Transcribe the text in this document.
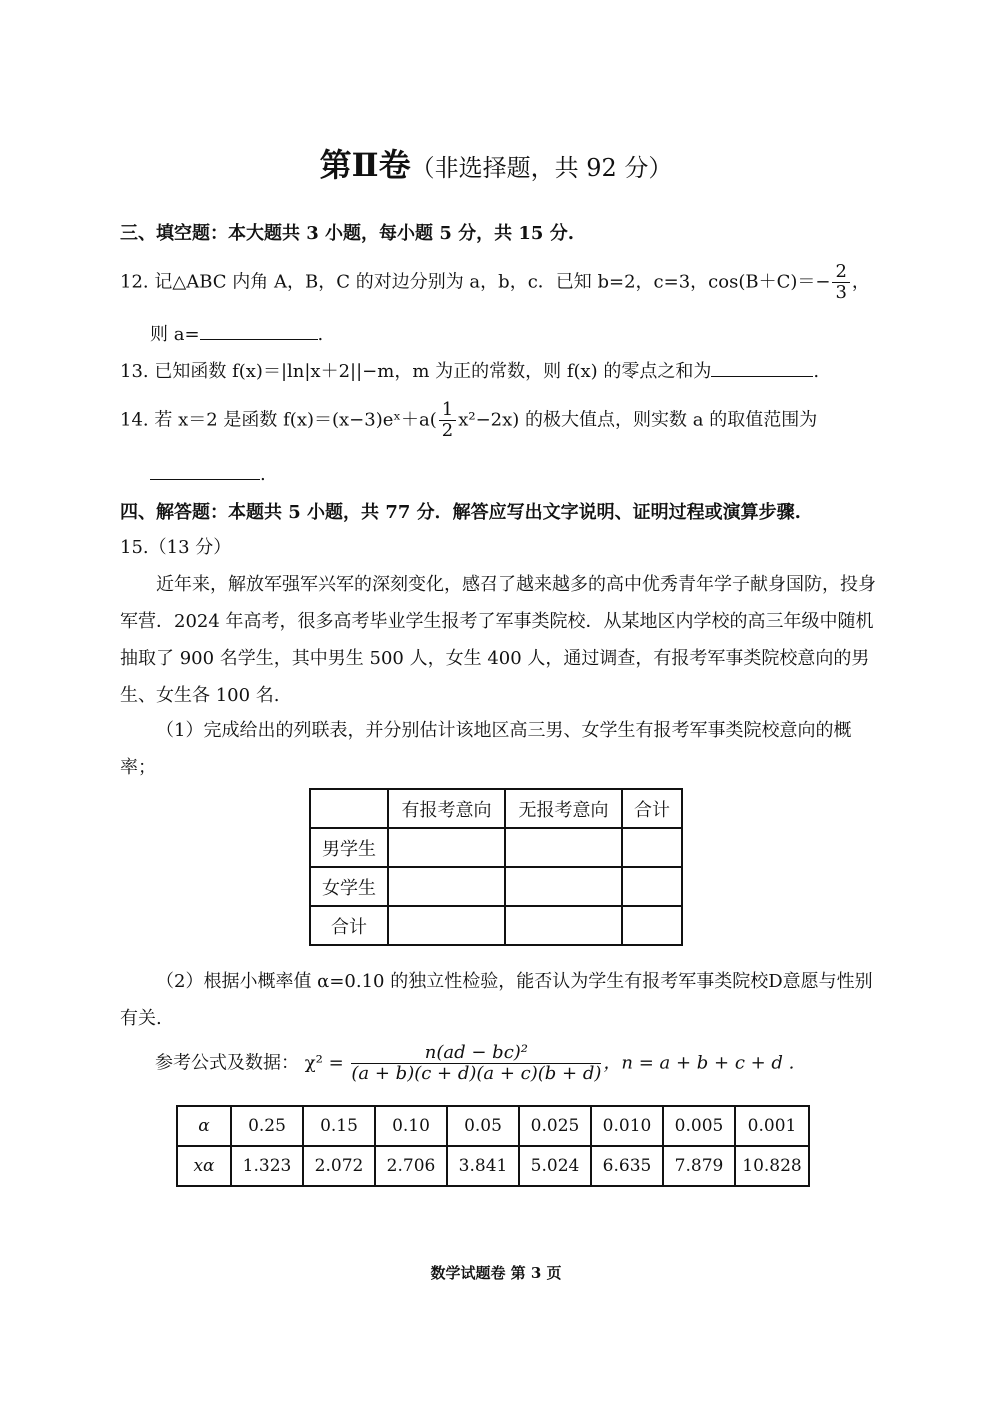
第Ⅱ卷（非选择题，共 92 分）
三、填空题：本大题共 3 小题，每小题 5 分，共 15 分.
12. 记△ABC 内角 A，B，C 的对边分别为 a，b，c．已知 b=2，c=3，$\cos(B+C)=- \frac{2}{3}$ ，
则 a=	.
13. 已知函数 f(x)＝|ln|x＋2||−m，m 为正的常数，则 f(x) 的零点之和为	.
14. 若 x＝2 是函数 f(x)＝(x−3)eˣ＋a( $\frac{1}{2} x^2-2x$) 的极大值点，则实数 a 的取值范围为
.
四、解答题：本题共 5 小题，共 77 分．解答应写出文字说明、证明过程或演算步骤.
15.（13 分）
近年来，解放军强军兴军的深刻变化，感召了越来越多的高中优秀青年学子献身国防，投身军营．2024 年高考，很多高考毕业学生报考了军事类院校．从某地区内学校的高三年级中随机抽取了 900 名学生，其中男生 500 人，女生 400 人，通过调查，有报考军事类院校意向的男生、女生各 100 名.
（1）完成给出的列联表，并分别估计该地区高三男、女学生有报考军事类院校意向的概率；
	有报考意向	无报考意向	合计
男学生			
女学生			
合计			
（2）根据小概率值 α=0.10 的独立性检验，能否认为学生有报考军事类院校D意愿与性别有关.
参考公式及数据： $\chi^2 = \frac{\text{n(ad − bc)²}}{(a + b)(c + d)(a + c)(b + d)}$ ，n = a + b + c + d .
α	0.25	0.15	0.10	0.05	0.025	0.010	0.005	0.001
xα	1.323	2.072	2.706	3.841	5.024	6.635	7.879	10.828
数学试题卷 第 3 页
